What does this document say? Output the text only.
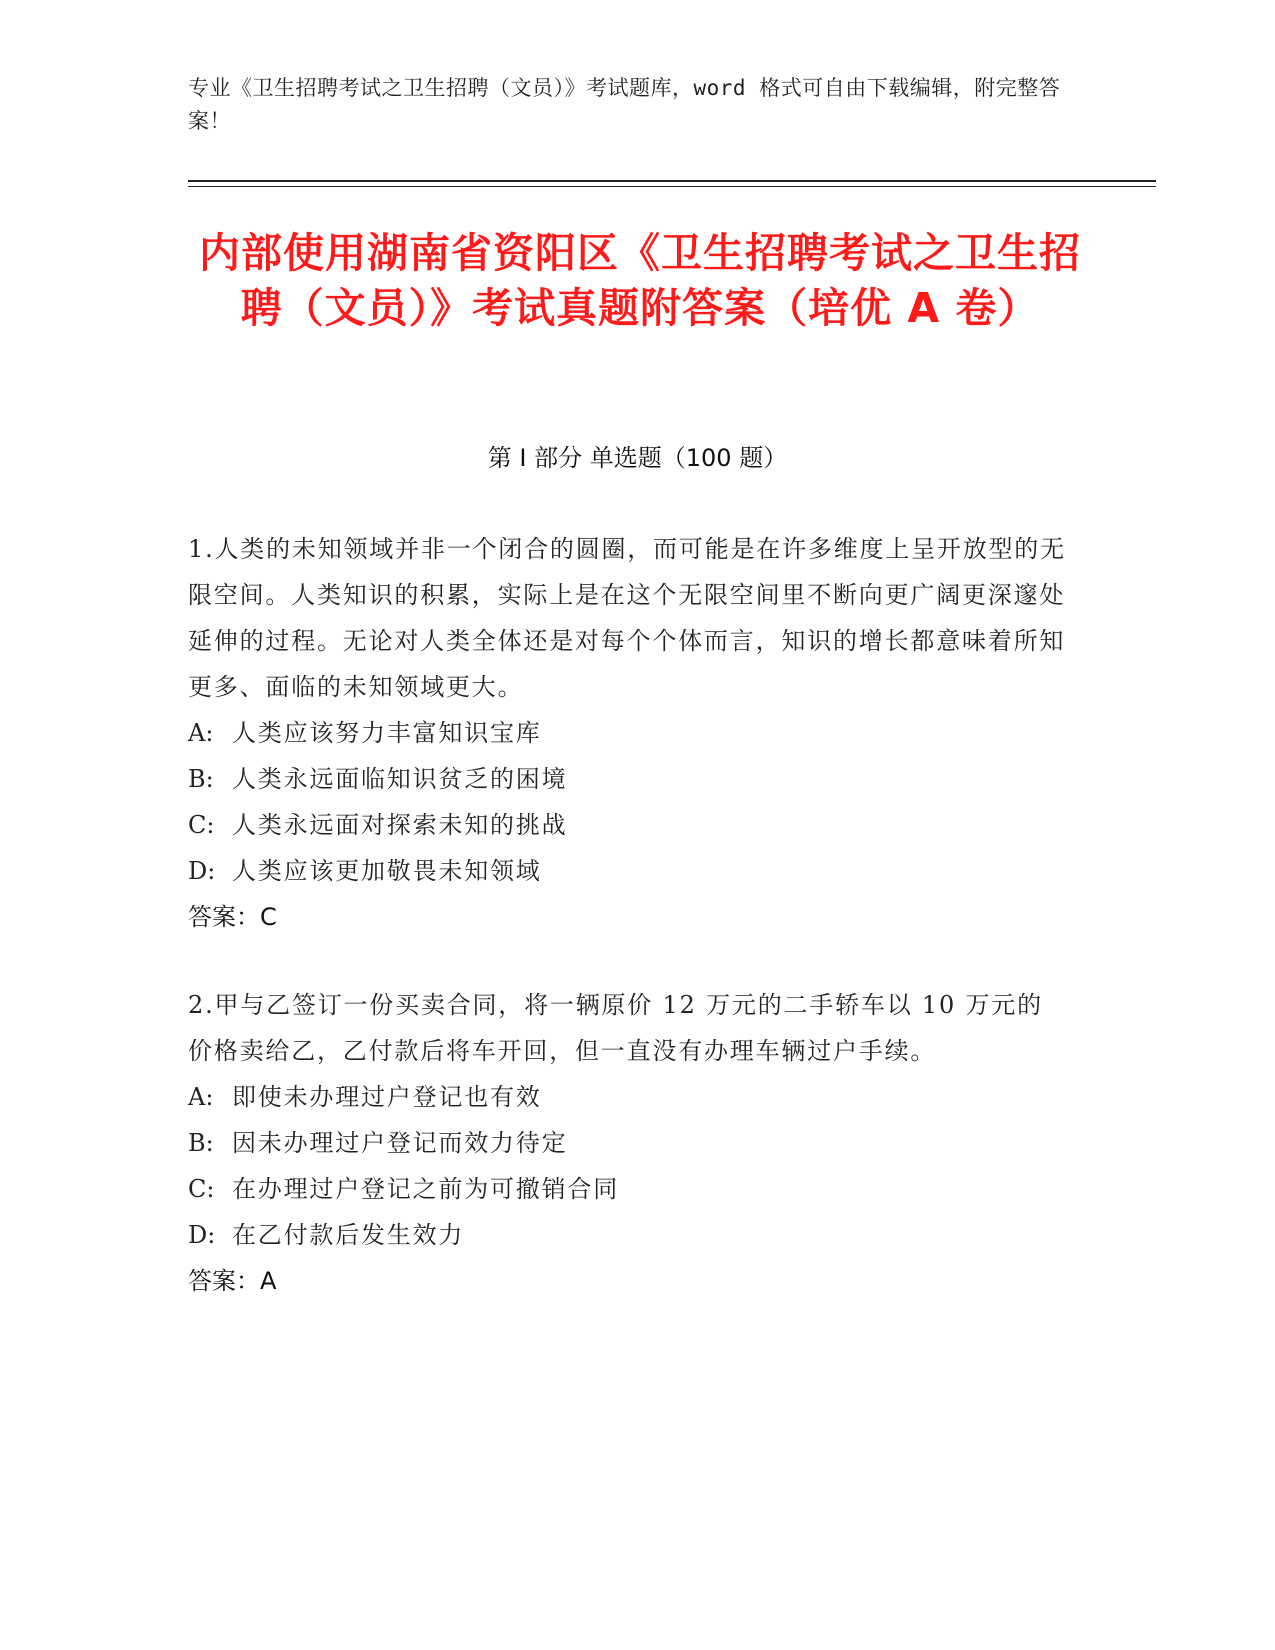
专业《卫生招聘考试之卫生招聘（文员）》考试题库，word 格式可自由下载编辑，附完整答案！
内部使用湖南省资阳区《卫生招聘考试之卫生招聘（文员）》考试真题附答案（培优 A 卷）
第 I 部分 单选题（100 题）
1.人类的未知领域并非一个闭合的圆圈，而可能是在许多维度上呈开放型的无限空间。人类知识的积累，实际上是在这个无限空间里不断向更广阔更深邃处延伸的过程。无论对人类全体还是对每个个体而言，知识的增长都意味着所知更多、面临的未知领域更大。
A: 人类应该努力丰富知识宝库
B: 人类永远面临知识贫乏的困境
C: 人类永远面对探索未知的挑战
D: 人类应该更加敬畏未知领域
答案：C
2.甲与乙签订一份买卖合同，将一辆原价 12 万元的二手轿车以 10 万元的价格卖给乙，乙付款后将车开回，但一直没有办理车辆过户手续。
A: 即使未办理过户登记也有效
B: 因未办理过户登记而效力待定
C: 在办理过户登记之前为可撤销合同
D: 在乙付款后发生效力
答案：A
